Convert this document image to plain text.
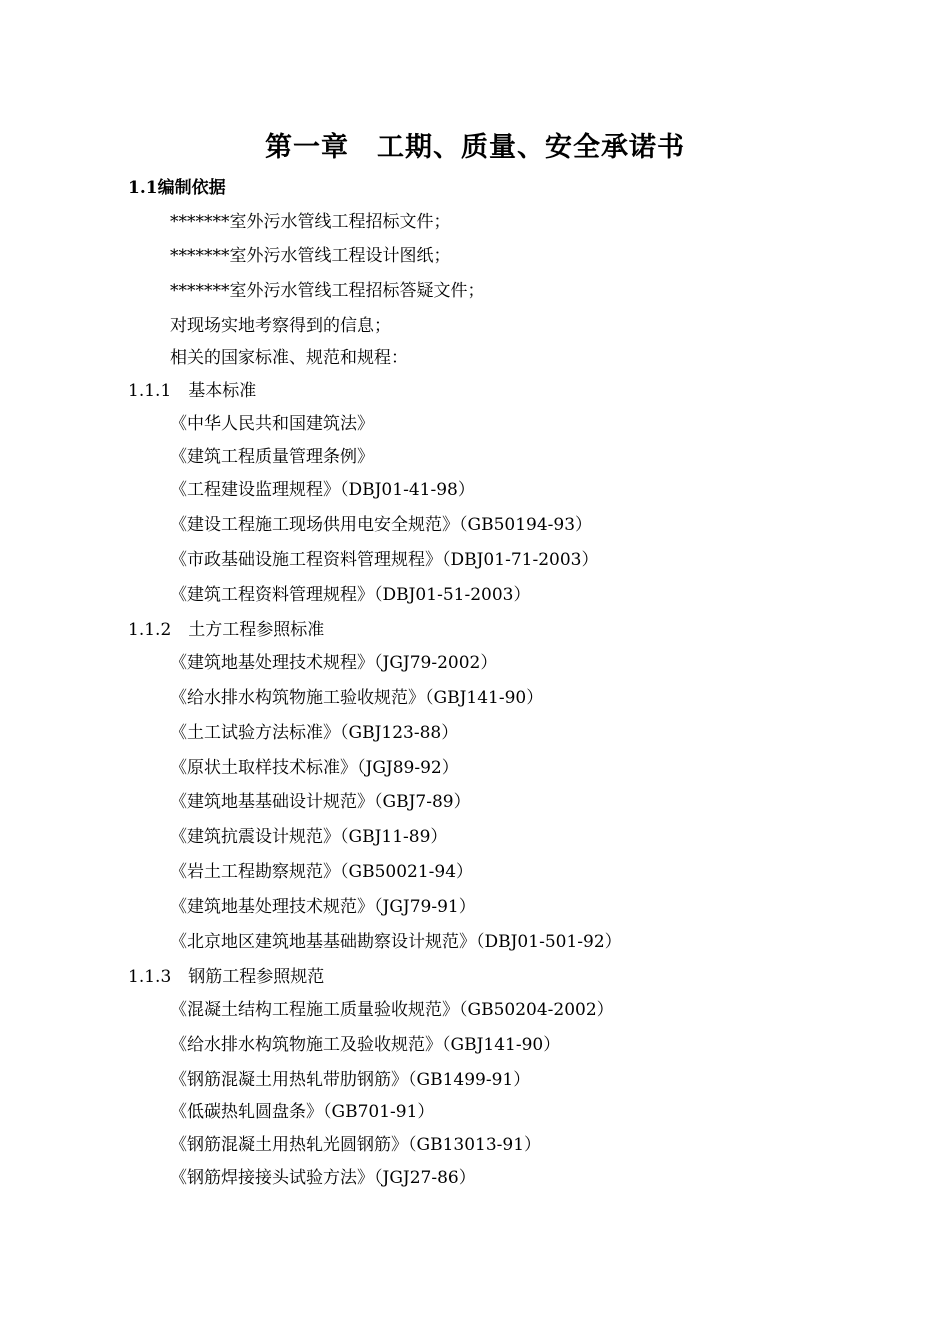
第一章　工期、质量、安全承诺书
1.1编制依据
*******室外污水管线工程招标文件；
*******室外污水管线工程设计图纸；
*******室外污水管线工程招标答疑文件；
对现场实地考察得到的信息；
相关的国家标准、规范和规程：
1.1.1　基本标准
《中华人民共和国建筑法》
《建筑工程质量管理条例》
《工程建设监理规程》（DBJ01-41-98）
《建设工程施工现场供用电安全规范》（GB50194-93）
《市政基础设施工程资料管理规程》（DBJ01-71-2003）
《建筑工程资料管理规程》（DBJ01-51-2003）
1.1.2　土方工程参照标准
《建筑地基处理技术规程》（JGJ79-2002）
《给水排水构筑物施工验收规范》（GBJ141-90）
《土工试验方法标准》（GBJ123-88）
《原状土取样技术标准》（JGJ89-92）
《建筑地基基础设计规范》（GBJ7-89）
《建筑抗震设计规范》（GBJ11-89）
《岩土工程勘察规范》（GB50021-94）
《建筑地基处理技术规范》（JGJ79-91）
《北京地区建筑地基基础勘察设计规范》（DBJ01-501-92）
1.1.3　钢筋工程参照规范
《混凝土结构工程施工质量验收规范》（GB50204-2002）
《给水排水构筑物施工及验收规范》（GBJ141-90）
《钢筋混凝土用热轧带肋钢筋》（GB1499-91）
《低碳热轧圆盘条》（GB701-91）
《钢筋混凝土用热轧光圆钢筋》（GB13013-91）
《钢筋焊接接头试验方法》（JGJ27-86）
